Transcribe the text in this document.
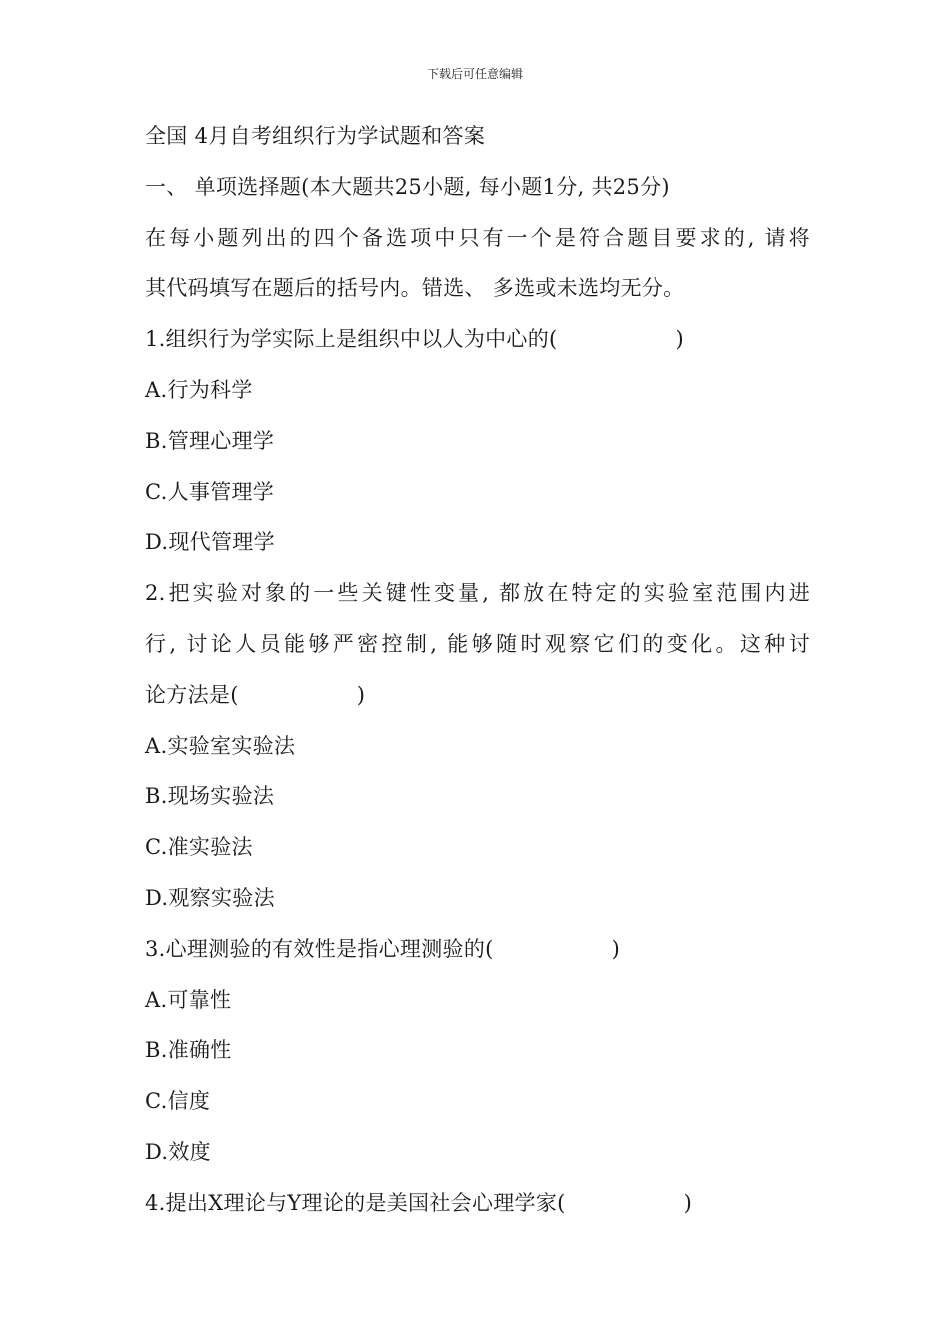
下载后可任意编辑
全国 4月自考组织行为学试题和答案
一、 单项选择题(本大题共25小题, 每小题1分, 共25分)
在每小题列出的四个备选项中只有一个是符合题目要求的, 请将
其代码填写在题后的括号内。错选、 多选或未选均无分。
1.组织行为学实际上是组织中以人为中心的(	)
A.行为科学
B.管理心理学
C.人事管理学
D.现代管理学
2.把实验对象的一些关键性变量, 都放在特定的实验室范围内进
行, 讨论人员能够严密控制, 能够随时观察它们的变化。这种讨
论方法是(	)
A.实验室实验法
B.现场实验法
C.准实验法
D.观察实验法
3.心理测验的有效性是指心理测验的(	)
A.可靠性
B.准确性
C.信度
D.效度
4.提出X理论与Y理论的是美国社会心理学家(	)
